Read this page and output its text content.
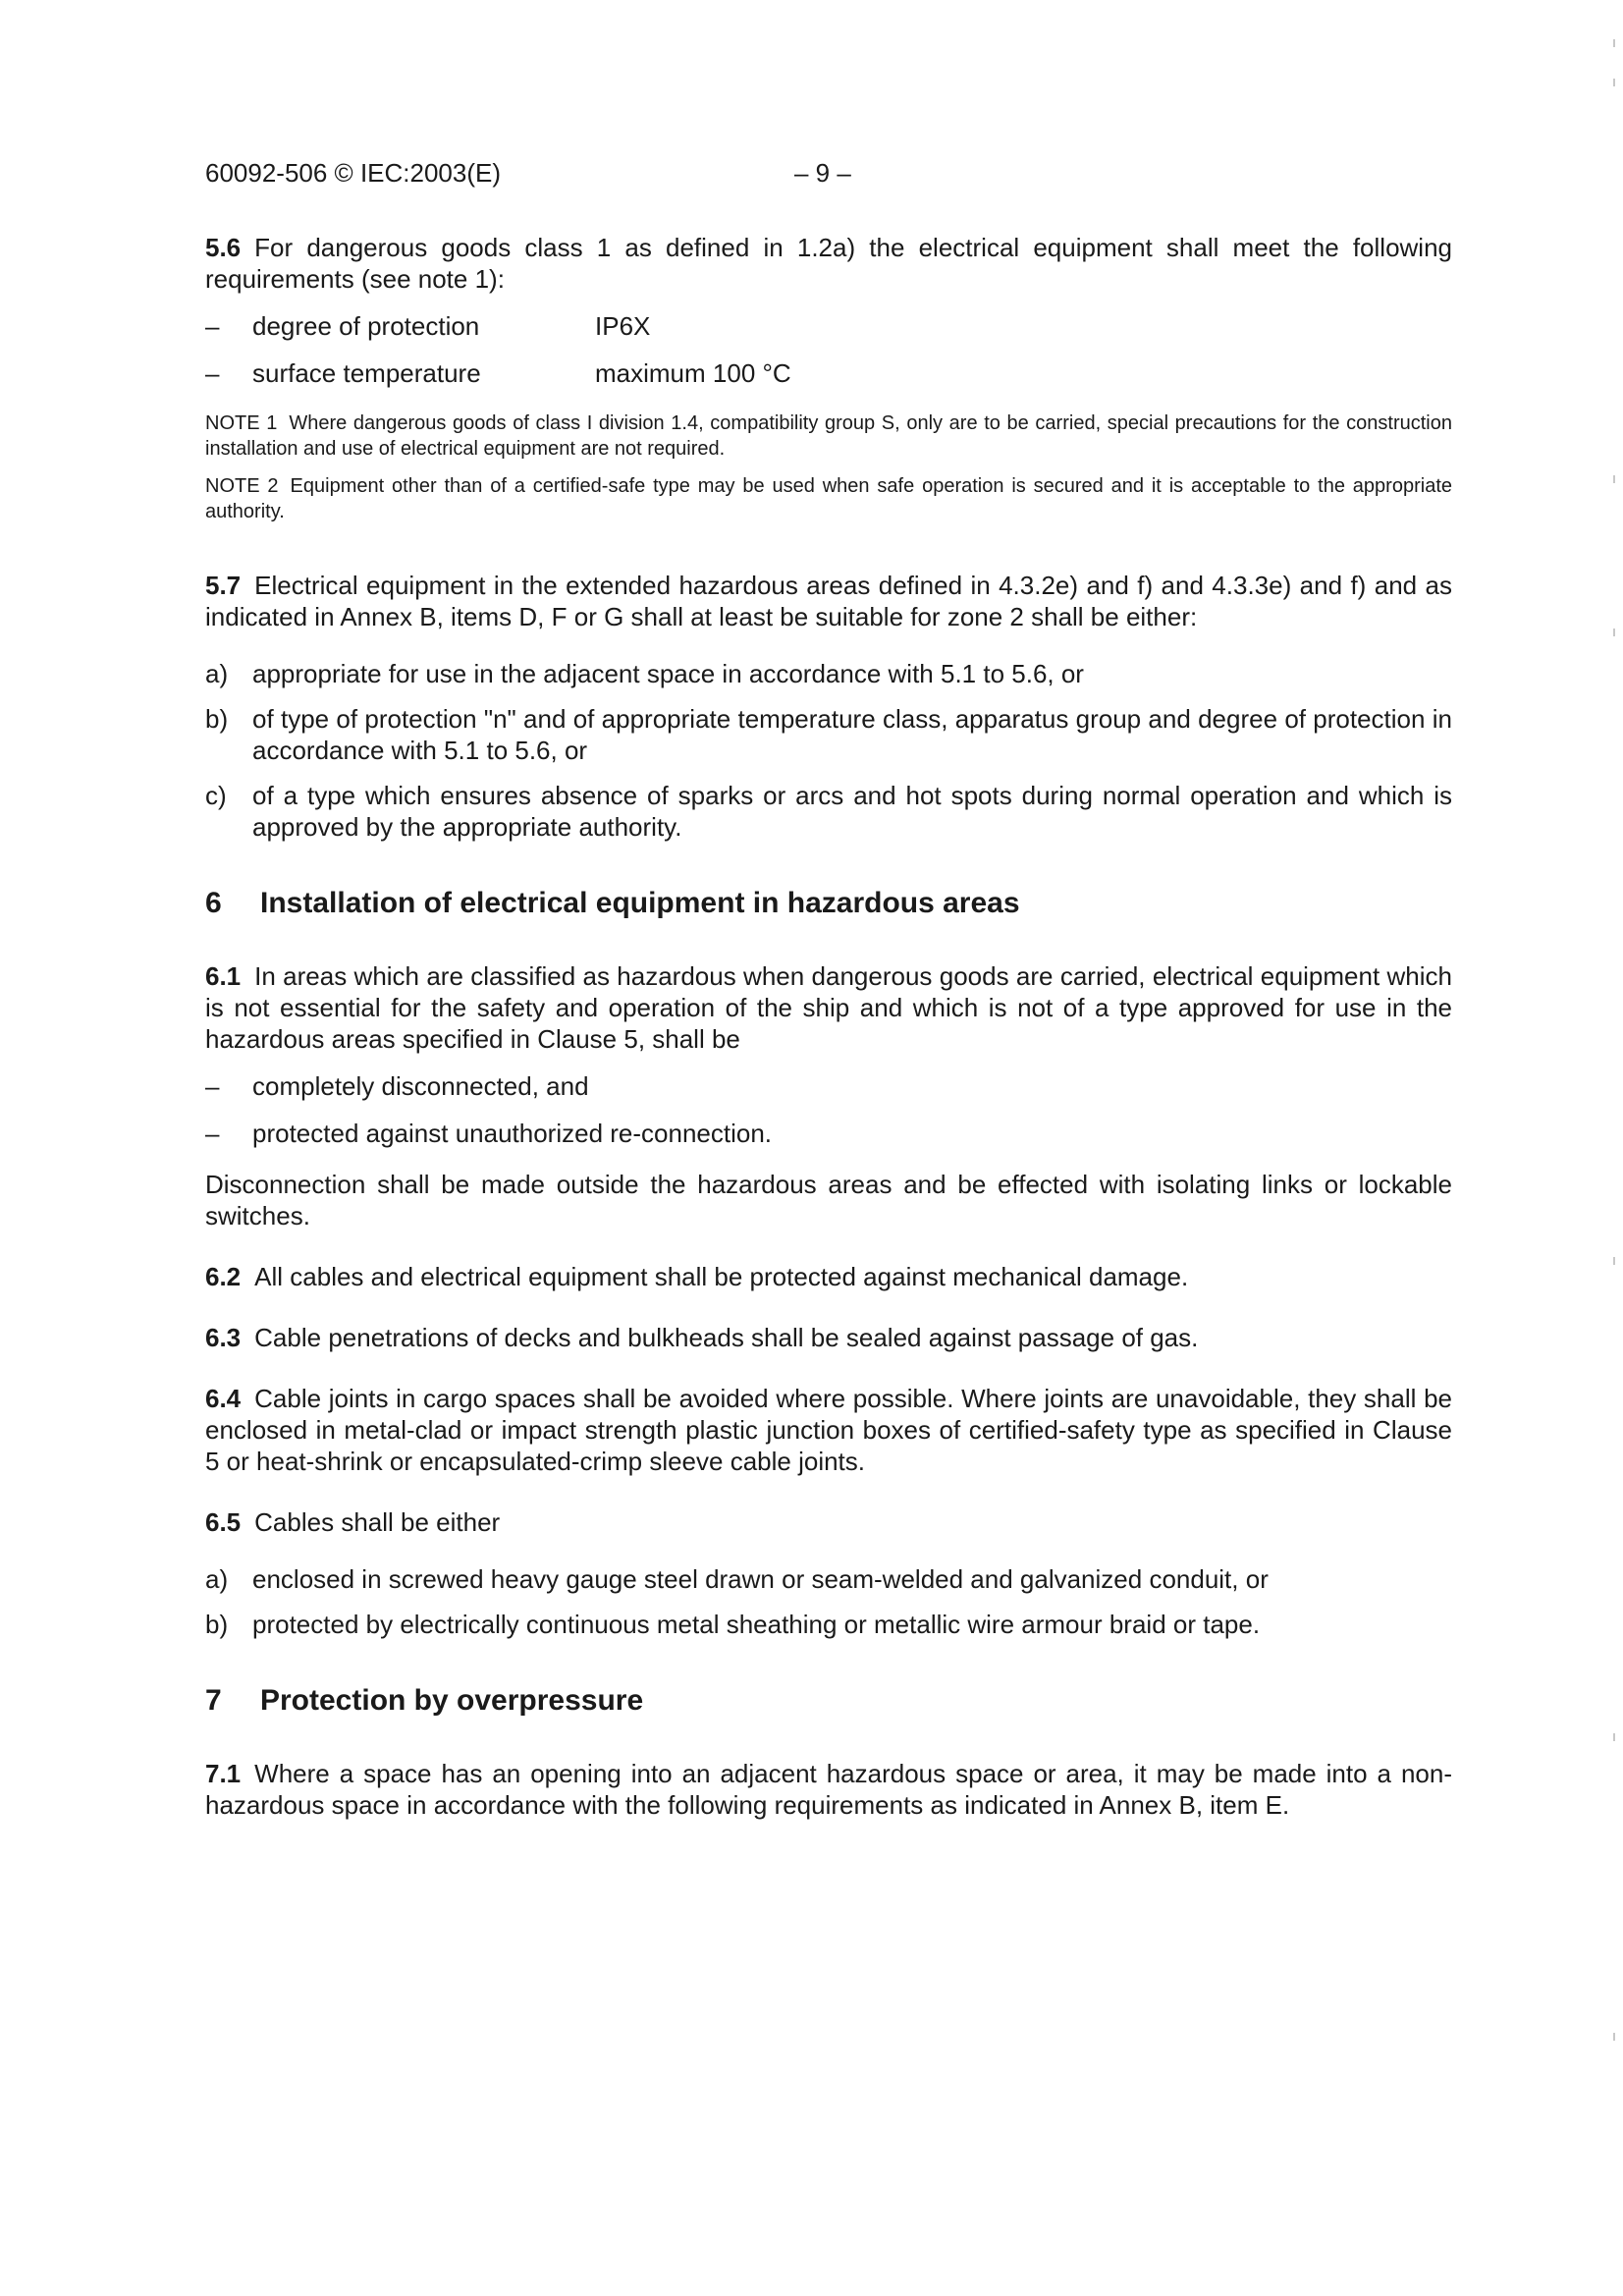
60092-506 © IEC:2003(E)	– 9 –

5.6 For dangerous goods class 1 as defined in 1.2a) the electrical equipment shall meet the following requirements (see note 1):

– degree of protection	IP6X
– surface temperature	maximum 100 °C

NOTE 1 Where dangerous goods of class I division 1.4, compatibility group S, only are to be carried, special precautions for the construction installation and use of electrical equipment are not required.

NOTE 2 Equipment other than of a certified-safe type may be used when safe operation is secured and it is acceptable to the appropriate authority.

5.7 Electrical equipment in the extended hazardous areas defined in 4.3.2e) and f) and 4.3.3e) and f) and as indicated in Annex B, items D, F or G shall at least be suitable for zone 2 shall be either:

a) appropriate for use in the adjacent space in accordance with 5.1 to 5.6, or
b) of type of protection "n" and of appropriate temperature class, apparatus group and degree of protection in accordance with 5.1 to 5.6, or
c) of a type which ensures absence of sparks or arcs and hot spots during normal operation and which is approved by the appropriate authority.
6 Installation of electrical equipment in hazardous areas

6.1 In areas which are classified as hazardous when dangerous goods are carried, electrical equipment which is not essential for the safety and operation of the ship and which is not of a type approved for use in the hazardous areas specified in Clause 5, shall be

– completely disconnected, and
– protected against unauthorized re-connection.

Disconnection shall be made outside the hazardous areas and be effected with isolating links or lockable switches.

6.2 All cables and electrical equipment shall be protected against mechanical damage.

6.3 Cable penetrations of decks and bulkheads shall be sealed against passage of gas.

6.4 Cable joints in cargo spaces shall be avoided where possible. Where joints are unavoidable, they shall be enclosed in metal-clad or impact strength plastic junction boxes of certified-safety type as specified in Clause 5 or heat-shrink or encapsulated-crimp sleeve cable joints.

6.5 Cables shall be either

a) enclosed in screwed heavy gauge steel drawn or seam-welded and galvanized conduit, or
b) protected by electrically continuous metal sheathing or metallic wire armour braid or tape.
7 Protection by overpressure

7.1 Where a space has an opening into an adjacent hazardous space or area, it may be made into a non-hazardous space in accordance with the following requirements as indicated in Annex B, item E.
